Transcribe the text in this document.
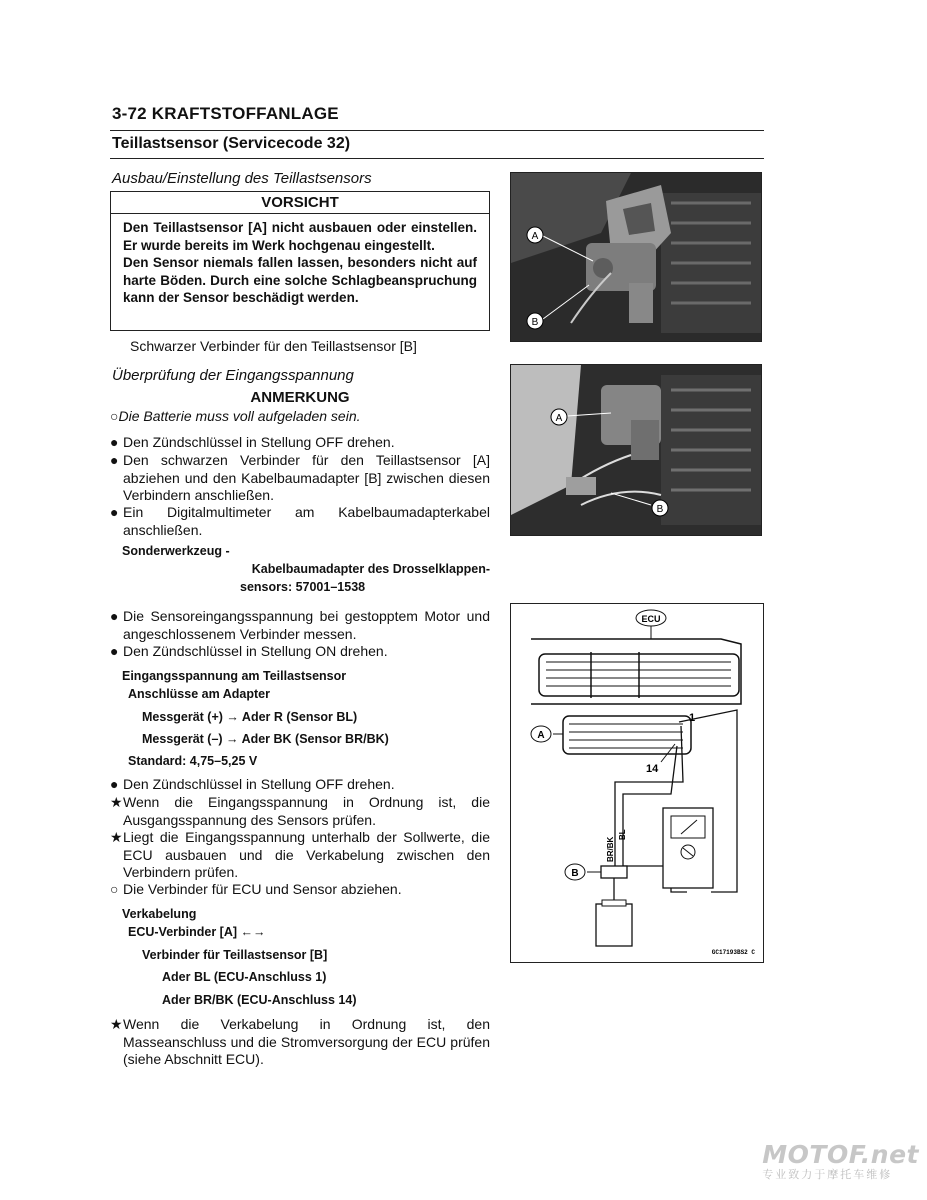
3-72 KRAFTSTOFFANLAGE
Teillastsensor (Servicecode 32)
Ausbau/Einstellung des Teillastsensors
VORSICHT

Den Teillastsensor [A] nicht ausbauen oder einstellen. Er wurde bereits im Werk hochgenau eingestellt.

Den Sensor niemals fallen lassen, besonders nicht auf harte Böden. Durch eine solche Schlagbeanspruchung kann der Sensor beschädigt werden.

Schwarzer Verbinder für den Teillastsensor [B]
Überprüfung der Eingangsspannung
ANMERKUNG
○Die Batterie muss voll aufgeladen sein.
● Den Zündschlüssel in Stellung OFF drehen.
● Den schwarzen Verbinder für den Teillastsensor [A] abziehen und den Kabelbaumadapter [B] zwischen diesen Verbindern anschließen.
● Ein Digitalmultimeter am Kabelbaumadapterkabel anschließen.
Sonderwerkzeug -
Kabelbaumadapter des Drosselklappen-
sensors: 57001–1538
● Die Sensoreingangsspannung bei gestopptem Motor und angeschlossenem Verbinder messen.
● Den Zündschlüssel in Stellung ON drehen.
Eingangsspannung am Teillastsensor
Anschlüsse am Adapter
Messgerät (+) → Ader R (Sensor BL)
Messgerät (–) → Ader BK (Sensor BR/BK)
Standard: 4,75–5,25 V
● Den Zündschlüssel in Stellung OFF drehen.
★ Wenn die Eingangsspannung in Ordnung ist, die Ausgangsspannung des Sensors prüfen.
★ Liegt die Eingangsspannung unterhalb der Sollwerte, die ECU ausbauen und die Verkabelung zwischen den Verbindern prüfen.
○ Die Verbinder für ECU und Sensor abziehen.
Verkabelung
ECU-Verbinder [A] ←→
Verbinder für Teillastsensor [B]
Ader BL (ECU-Anschluss 1)
Ader BR/BK (ECU-Anschluss 14)
★ Wenn die Verkabelung in Ordnung ist, den Masseanschluss und die Stromversorgung der ECU prüfen (siehe Abschnitt ECU).
A
B
A
B
ECU
A
1
14
BR/BK
BL
B
GC17193BS2 C
MOTOF.net
专业致力于摩托车维修
